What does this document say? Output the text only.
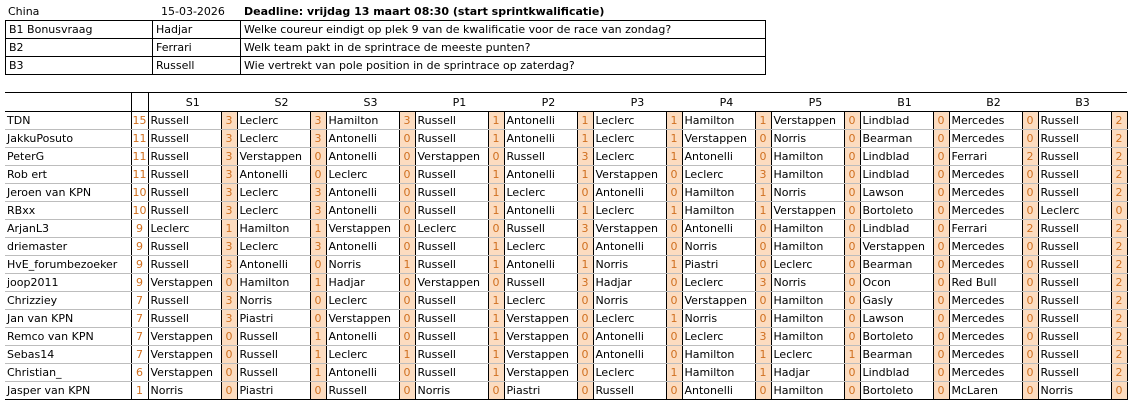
China	15-03-2026 Deadline: vrijdag 13 maart 08:30 (start sprintkwalificatie)
B1 Bonusvraag	Hadjar	Welke coureur eindigt op plek 9 van de kwalificatie voor de race van zondag?
B2	Ferrari	Welk team pakt in de sprintrace de meeste punten?
B3	Russell	Wie vertrekt van pole position in de sprintrace op zaterdag?
		S1		S2		S3		P1		P2		P3		P4		P5		B1		B2		B3	
TDN	15	Russell	3	Leclerc	3	Hamilton	3	Russell	1	Antonelli	1	Leclerc	1	Hamilton	1	Verstappen	0	Lindblad	0	Mercedes	0	Russell	2
JakkuPosuto	11	Russell	3	Leclerc	3	Antonelli	0	Russell	1	Antonelli	1	Leclerc	1	Verstappen	0	Norris	0	Bearman	0	Mercedes	0	Russell	2
PeterG	11	Russell	3	Verstappen	0	Antonelli	0	Verstappen	0	Russell	3	Leclerc	1	Antonelli	0	Hamilton	0	Lindblad	0	Ferrari	2	Russell	2
Rob ert	11	Russell	3	Antonelli	0	Leclerc	0	Russell	1	Antonelli	1	Verstappen	0	Leclerc	3	Hamilton	0	Lindblad	0	Mercedes	0	Russell	2
Jeroen van KPN	10	Russell	3	Leclerc	3	Antonelli	0	Russell	1	Leclerc	0	Antonelli	0	Hamilton	1	Norris	0	Lawson	0	Mercedes	0	Russell	2
RBxx	10	Russell	3	Leclerc	3	Antonelli	0	Russell	1	Antonelli	1	Leclerc	1	Hamilton	1	Verstappen	0	Bortoleto	0	Mercedes	0	Leclerc	0
ArjanL3	9	Leclerc	1	Hamilton	1	Verstappen	0	Leclerc	0	Russell	3	Verstappen	0	Antonelli	0	Hamilton	0	Lindblad	0	Ferrari	2	Russell	2
driemaster	9	Russell	3	Leclerc	3	Antonelli	0	Russell	1	Leclerc	0	Antonelli	0	Norris	0	Hamilton	0	Verstappen	0	Mercedes	0	Russell	2
HvE_forumbezoeker	9	Russell	3	Antonelli	0	Norris	1	Russell	1	Antonelli	1	Norris	1	Piastri	0	Leclerc	0	Bearman	0	Mercedes	0	Russell	2
joop2011	9	Verstappen	0	Hamilton	1	Hadjar	0	Verstappen	0	Russell	3	Hadjar	0	Leclerc	3	Norris	0	Ocon	0	Red Bull	0	Russell	2
Chrizziey	7	Russell	3	Norris	0	Leclerc	0	Russell	1	Leclerc	0	Norris	0	Verstappen	0	Hamilton	0	Gasly	0	Mercedes	0	Russell	2
Jan van KPN	7	Russell	3	Piastri	0	Verstappen	0	Russell	1	Verstappen	0	Leclerc	1	Norris	0	Hamilton	0	Lawson	0	Mercedes	0	Russell	2
Remco van KPN	7	Verstappen	0	Russell	1	Antonelli	0	Russell	1	Verstappen	0	Antonelli	0	Leclerc	3	Hamilton	0	Bortoleto	0	Mercedes	0	Russell	2
Sebas14	7	Verstappen	0	Russell	1	Leclerc	1	Russell	1	Verstappen	0	Antonelli	0	Hamilton	1	Leclerc	1	Bearman	0	Mercedes	0	Russell	2
Christian_	6	Verstappen	0	Russell	1	Antonelli	0	Russell	1	Verstappen	0	Leclerc	1	Hamilton	1	Hadjar	0	Lindblad	0	Mercedes	0	Russell	2
Jasper van KPN	1	Norris	0	Piastri	0	Russell	0	Norris	0	Piastri	0	Russell	0	Antonelli	0	Hamilton	0	Bortoleto	0	McLaren	0	Norris	0
